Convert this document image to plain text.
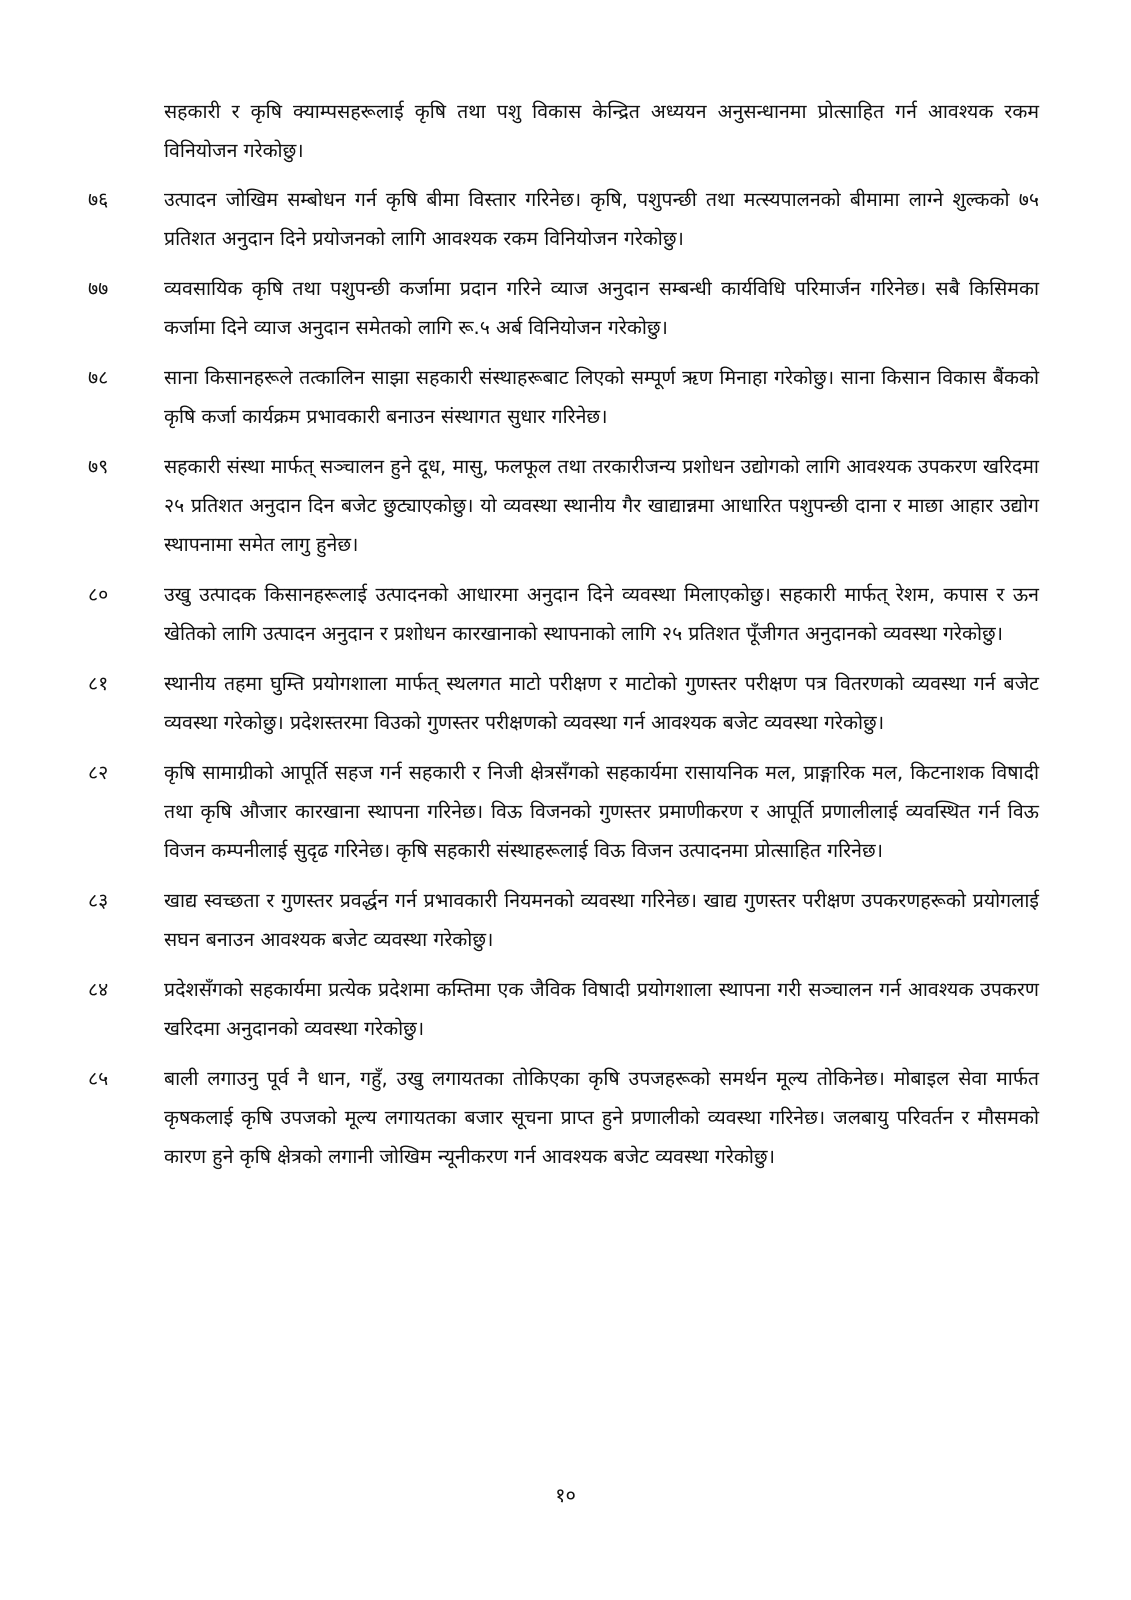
सहकारी र कृषि क्याम्पसहरूलाई कृषि तथा पशु विकास केन्द्रित अध्ययन अनुसन्धानमा प्रोत्साहित गर्न आवश्यक रकम विनियोजन गरेकोछु।
७६	उत्पादन जोखिम सम्बोधन गर्न कृषि बीमा विस्तार गरिनेछ। कृषि, पशुपन्छी तथा मत्स्यपालनको बीमामा लाग्ने शुल्कको ७५ प्रतिशत अनुदान दिने प्रयोजनको लागि आवश्यक रकम विनियोजन गरेकोछु।
७७	व्यवसायिक कृषि तथा पशुपन्छी कर्जामा प्रदान गरिने व्याज अनुदान सम्बन्धी कार्यविधि परिमार्जन गरिनेछ। सबै किसिमका कर्जामा दिने व्याज अनुदान समेतको लागि रू.५ अर्ब विनियोजन गरेकोछु।
७८	साना किसानहरूले तत्कालिन साझा सहकारी संस्थाहरूबाट लिएको सम्पूर्ण ऋण मिनाहा गरेकोछु। साना किसान विकास बैंकको कृषि कर्जा कार्यक्रम प्रभावकारी बनाउन संस्थागत सुधार गरिनेछ।
७९	सहकारी संस्था मार्फत् सञ्चालन हुने दूध, मासु, फलफूल तथा तरकारीजन्य प्रशोधन उद्योगको लागि आवश्यक उपकरण खरिदमा २५ प्रतिशत अनुदान दिन बजेट छुट्याएकोछु। यो व्यवस्था स्थानीय गैर खाद्यान्नमा आधारित पशुपन्छी दाना र माछा आहार उद्योग स्थापनामा समेत लागु हुनेछ।
८०	उखु उत्पादक किसानहरूलाई उत्पादनको आधारमा अनुदान दिने व्यवस्था मिलाएकोछु। सहकारी मार्फत् रेशम, कपास र ऊन खेतिको लागि उत्पादन अनुदान र प्रशोधन कारखानाको स्थापनाको लागि २५ प्रतिशत पूँजीगत अनुदानको व्यवस्था गरेकोछु।
८१	स्थानीय तहमा घुम्ति प्रयोगशाला मार्फत् स्थलगत माटो परीक्षण र माटोको गुणस्तर परीक्षण पत्र वितरणको व्यवस्था गर्न बजेट व्यवस्था गरेकोछु। प्रदेशस्तरमा विउको गुणस्तर परीक्षणको व्यवस्था गर्न आवश्यक बजेट व्यवस्था गरेकोछु।
८२	कृषि सामाग्रीको आपूर्ति सहज गर्न सहकारी र निजी क्षेत्रसँगको सहकार्यमा रासायनिक मल, प्राङ्गारिक मल, किटनाशक विषादी तथा कृषि औजार कारखाना स्थापना गरिनेछ। विऊ विजनको गुणस्तर प्रमाणीकरण र आपूर्ति प्रणालीलाई व्यवस्थित गर्न विऊ विजन कम्पनीलाई सुदृढ गरिनेछ। कृषि सहकारी संस्थाहरूलाई विऊ विजन उत्पादनमा प्रोत्साहित गरिनेछ।
८३	खाद्य स्वच्छता र गुणस्तर प्रवर्द्धन गर्न प्रभावकारी नियमनको व्यवस्था गरिनेछ। खाद्य गुणस्तर परीक्षण उपकरणहरूको प्रयोगलाई सघन बनाउन आवश्यक बजेट व्यवस्था गरेकोछु।
८४	प्रदेशसँगको सहकार्यमा प्रत्येक प्रदेशमा कम्तिमा एक जैविक विषादी प्रयोगशाला स्थापना गरी सञ्चालन गर्न आवश्यक उपकरण खरिदमा अनुदानको व्यवस्था गरेकोछु।
८५	बाली लगाउनु पूर्व नै धान, गहुँ, उखु लगायतका तोकिएका कृषि उपजहरूको समर्थन मूल्य तोकिनेछ। मोबाइल सेवा मार्फत कृषकलाई कृषि उपजको मूल्य लगायतका बजार सूचना प्राप्त हुने प्रणालीको व्यवस्था गरिनेछ। जलबायु परिवर्तन र मौसमको कारण हुने कृषि क्षेत्रको लगानी जोखिम न्यूनीकरण गर्न आवश्यक बजेट व्यवस्था गरेकोछु।
१०
